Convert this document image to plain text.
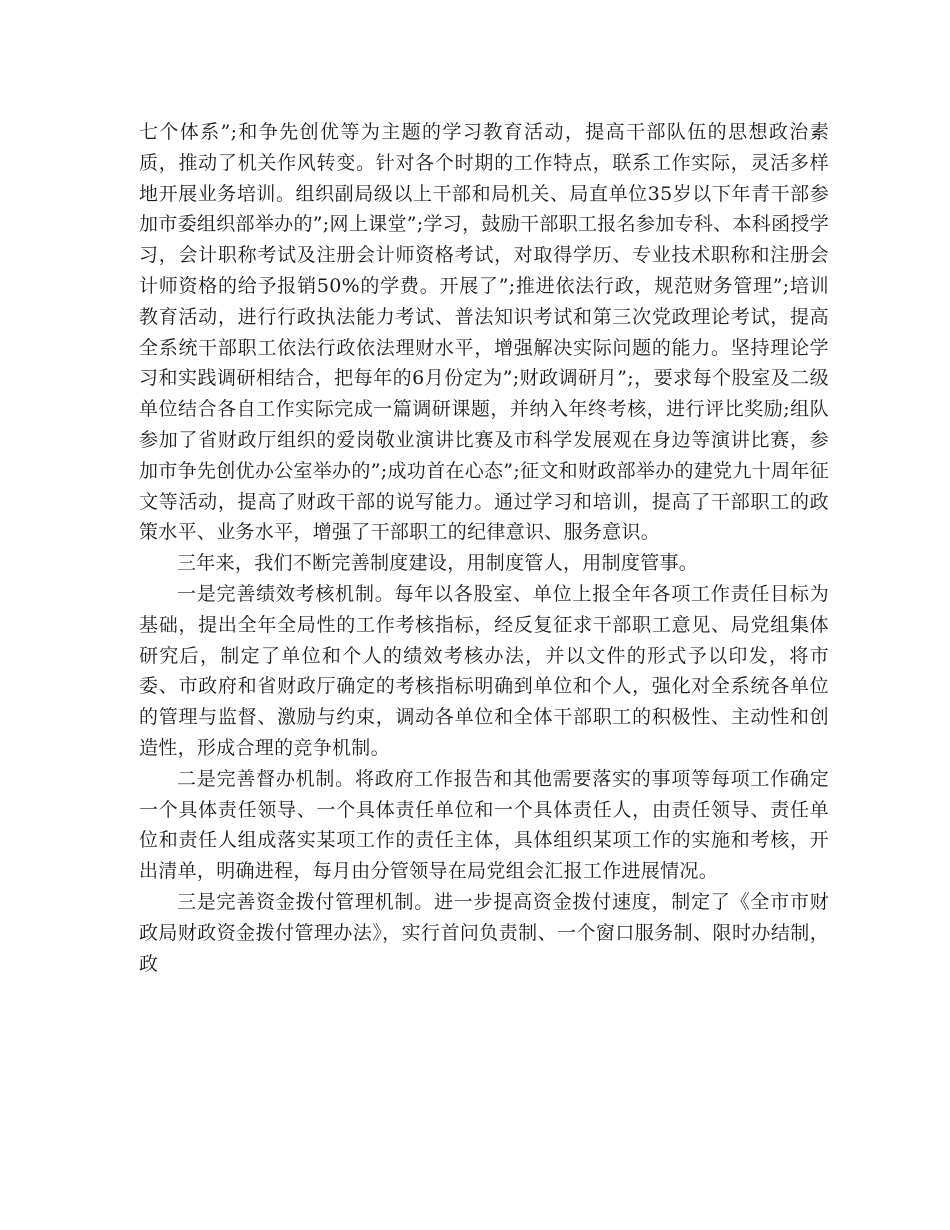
七个体系”;和争先创优等为主题的学习教育活动，提高干部队伍的思想政治素质，推动了机关作风转变。针对各个时期的工作特点，联系工作实际，灵活多样地开展业务培训。组织副局级以上干部和局机关、局直单位35岁以下年青干部参加市委组织部举办的”;网上课堂”;学习，鼓励干部职工报名参加专科、本科函授学习，会计职称考试及注册会计师资格考试，对取得学历、专业技术职称和注册会计师资格的给予报销50%的学费。开展了”;推进依法行政，规范财务管理”;培训教育活动，进行行政执法能力考试、普法知识考试和第三次党政理论考试，提高全系统干部职工依法行政依法理财水平，增强解决实际问题的能力。坚持理论学习和实践调研相结合，把每年的6月份定为”;财政调研月”;，要求每个股室及二级单位结合各自工作实际完成一篇调研课题，并纳入年终考核，进行评比奖励;组队参加了省财政厅组织的爱岗敬业演讲比赛及市科学发展观在身边等演讲比赛，参加市争先创优办公室举办的”;成功首在心态”;征文和财政部举办的建党九十周年征文等活动，提高了财政干部的说写能力。通过学习和培训，提高了干部职工的政策水平、业务水平，增强了干部职工的纪律意识、服务意识。

三年来，我们不断完善制度建设，用制度管人，用制度管事。

一是完善绩效考核机制。每年以各股室、单位上报全年各项工作责任目标为基础，提出全年全局性的工作考核指标，经反复征求干部职工意见、局党组集体研究后，制定了单位和个人的绩效考核办法，并以文件的形式予以印发，将市委、市政府和省财政厅确定的考核指标明确到单位和个人，强化对全系统各单位的管理与监督、激励与约束，调动各单位和全体干部职工的积极性、主动性和创造性，形成合理的竞争机制。

二是完善督办机制。将政府工作报告和其他需要落实的事项等每项工作确定一个具体责任领导、一个具体责任单位和一个具体责任人，由责任领导、责任单位和责任人组成落实某项工作的责任主体，具体组织某项工作的实施和考核，开出清单，明确进程，每月由分管领导在局党组会汇报工作进展情况。

三是完善资金拨付管理机制。进一步提高资金拨付速度，制定了《全市市财政局财政资金拨付管理办法》，实行首问负责制、一个窗口服务制、限时办结制，政
